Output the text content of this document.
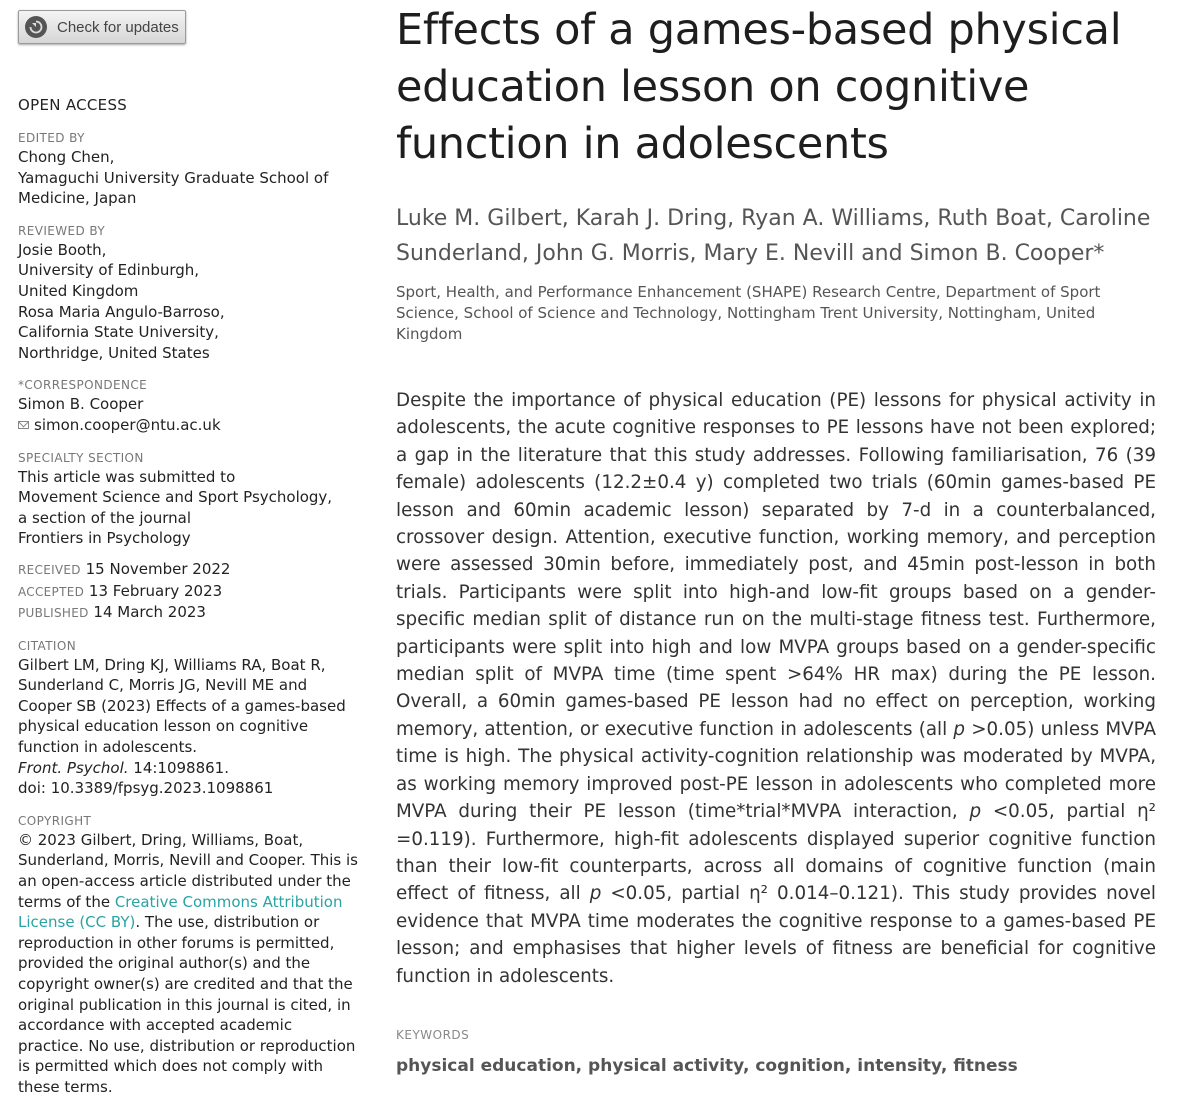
Check for updates
OPEN ACCESS
EDITED BY
Chong Chen,
Yamaguchi University Graduate School of
Medicine, Japan
REVIEWED BY
Josie Booth,
University of Edinburgh,
United Kingdom
Rosa Maria Angulo-Barroso,
California State University,
Northridge, United States
*CORRESPONDENCE
Simon B. Cooper
simon.cooper@ntu.ac.uk
SPECIALTY SECTION
This article was submitted to
Movement Science and Sport Psychology,
a section of the journal
Frontiers in Psychology
RECEIVED 15 November 2022
ACCEPTED 13 February 2023
PUBLISHED 14 March 2023
CITATION
Gilbert LM, Dring KJ, Williams RA, Boat R, Sunderland C, Morris JG, Nevill ME and Cooper SB (2023) Effects of a games-based physical education lesson on cognitive function in adolescents.
Front. Psychol. 14:1098861.
doi: 10.3389/fpsyg.2023.1098861
COPYRIGHT
© 2023 Gilbert, Dring, Williams, Boat, Sunderland, Morris, Nevill and Cooper. This is an open-access article distributed under the terms of the Creative Commons Attribution License (CC BY). The use, distribution or reproduction in other forums is permitted, provided the original author(s) and the copyright owner(s) are credited and that the original publication in this journal is cited, in accordance with accepted academic practice. No use, distribution or reproduction is permitted which does not comply with these terms.
Effects of a games-based physical education lesson on cognitive function in adolescents
Luke M. Gilbert, Karah J. Dring, Ryan A. Williams, Ruth Boat, Caroline Sunderland, John G. Morris, Mary E. Nevill and Simon B. Cooper*
Sport, Health, and Performance Enhancement (SHAPE) Research Centre, Department of Sport Science, School of Science and Technology, Nottingham Trent University, Nottingham, United Kingdom
Despite the importance of physical education (PE) lessons for physical activity in adolescents, the acute cognitive responses to PE lessons have not been explored; a gap in the literature that this study addresses. Following familiarisation, 76 (39 female) adolescents (12.2±0.4 y) completed two trials (60min games-based PE lesson and 60min academic lesson) separated by 7-d in a counterbalanced, crossover design. Attention, executive function, working memory, and perception were assessed 30min before, immediately post, and 45min post-lesson in both trials. Participants were split into high-and low-fit groups based on a gender-specific median split of distance run on the multi-stage fitness test. Furthermore, participants were split into high and low MVPA groups based on a gender-specific median split of MVPA time (time spent >64% HR max) during the PE lesson. Overall, a 60min games-based PE lesson had no effect on perception, working memory, attention, or executive function in adolescents (all p >0.05) unless MVPA time is high. The physical activity-cognition relationship was moderated by MVPA, as working memory improved post-PE lesson in adolescents who completed more MVPA during their PE lesson (time*trial*MVPA interaction, p <0.05, partial η² =0.119). Furthermore, high-fit adolescents displayed superior cognitive function than their low-fit counterparts, across all domains of cognitive function (main effect of fitness, all p <0.05, partial η² 0.014–0.121). This study provides novel evidence that MVPA time moderates the cognitive response to a games-based PE lesson; and emphasises that higher levels of fitness are beneficial for cognitive function in adolescents.
KEYWORDS
physical education, physical activity, cognition, intensity, fitness
